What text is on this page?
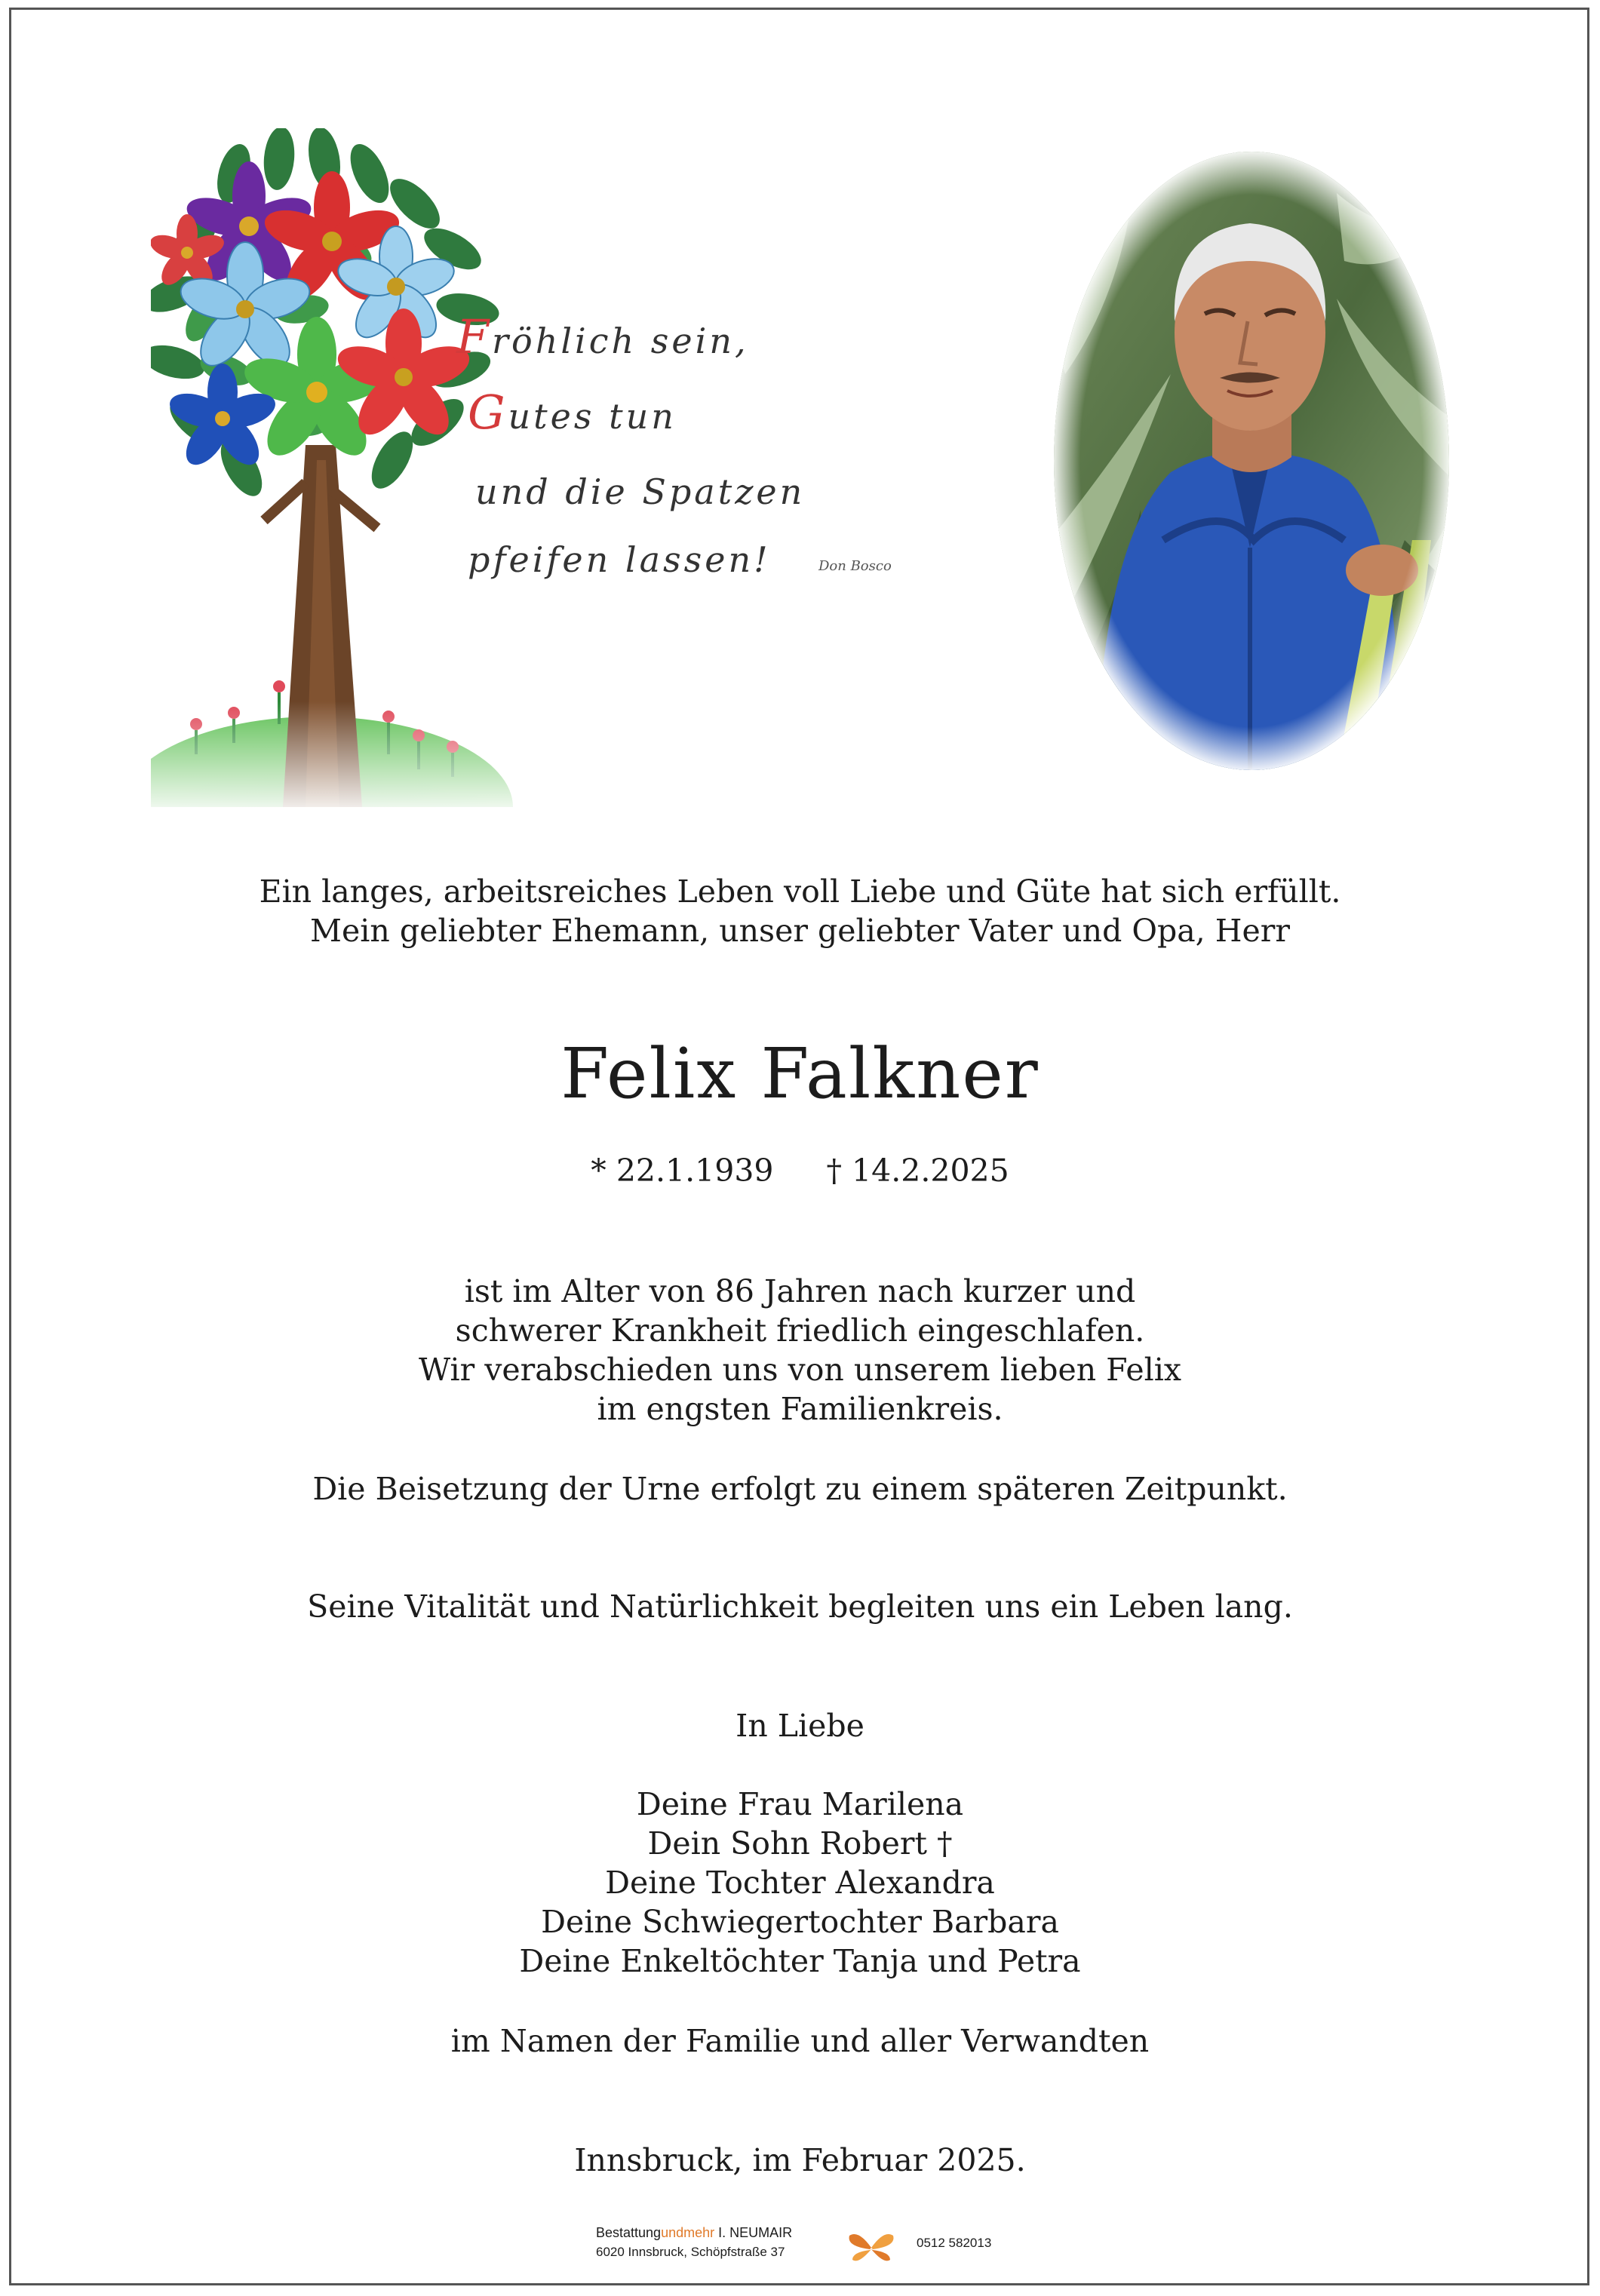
Fröhlich sein,
Gutes tun
und die Spatzen
pfeifen lassen!	Don Bosco
Ein langes, arbeitsreiches Leben voll Liebe und Güte hat sich erfüllt.
Mein geliebter Ehemann, unser geliebter Vater und Opa, Herr
Felix Falkner
* 22.1.1939 † 14.2.2025
ist im Alter von 86 Jahren nach kurzer und
schwerer Krankheit friedlich eingeschlafen.
Wir verabschieden uns von unserem lieben Felix
im engsten Familienkreis.
Die Beisetzung der Urne erfolgt zu einem späteren Zeitpunkt.
Seine Vitalität und Natürlichkeit begleiten uns ein Leben lang.
In Liebe
Deine Frau Marilena
Dein Sohn Robert †
Deine Tochter Alexandra
Deine Schwiegertochter Barbara
Deine Enkeltöchter Tanja und Petra
im Namen der Familie und aller Verwandten
Innsbruck, im Februar 2025.
Bestattungundmehr I. NEUMAIR
6020 Innsbruck, Schöpfstraße 37
0512 582013
